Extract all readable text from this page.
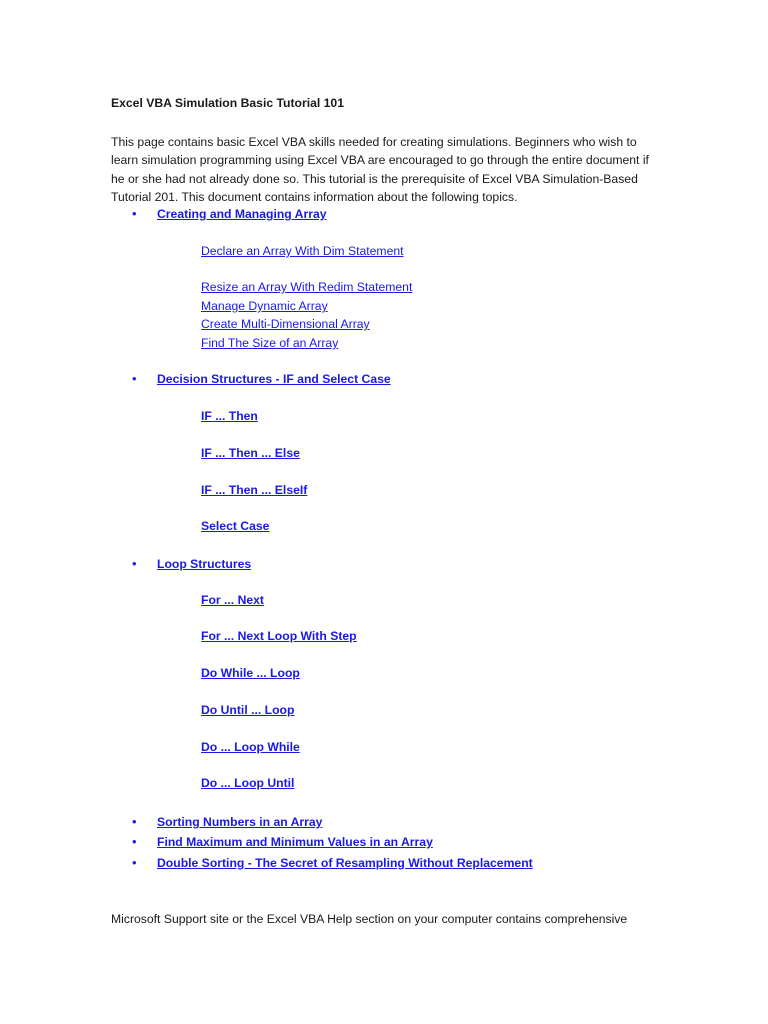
Excel VBA Simulation Basic Tutorial 101
This page contains basic Excel VBA skills needed for creating simulations. Beginners who wish to
learn simulation programming using Excel VBA are encouraged to go through the entire document if
he or she had not already done so. This tutorial is the prerequisite of Excel VBA Simulation-Based
Tutorial 201. This document contains information about the following topics.
• Creating and Managing Array
Declare an Array With Dim Statement
Resize an Array With Redim Statement
Manage Dynamic Array
Create Multi-Dimensional Array
Find The Size of an Array
• Decision Structures - IF and Select Case
IF ... Then
IF ... Then ... Else
IF ... Then ... ElseIf
Select Case
• Loop Structures
For ... Next
For ... Next Loop With Step
Do While ... Loop
Do Until ... Loop
Do ... Loop While
Do ... Loop Until
• Sorting Numbers in an Array
• Find Maximum and Minimum Values in an Array
• Double Sorting - The Secret of Resampling Without Replacement
Microsoft Support site or the Excel VBA Help section on your computer contains comprehensive
